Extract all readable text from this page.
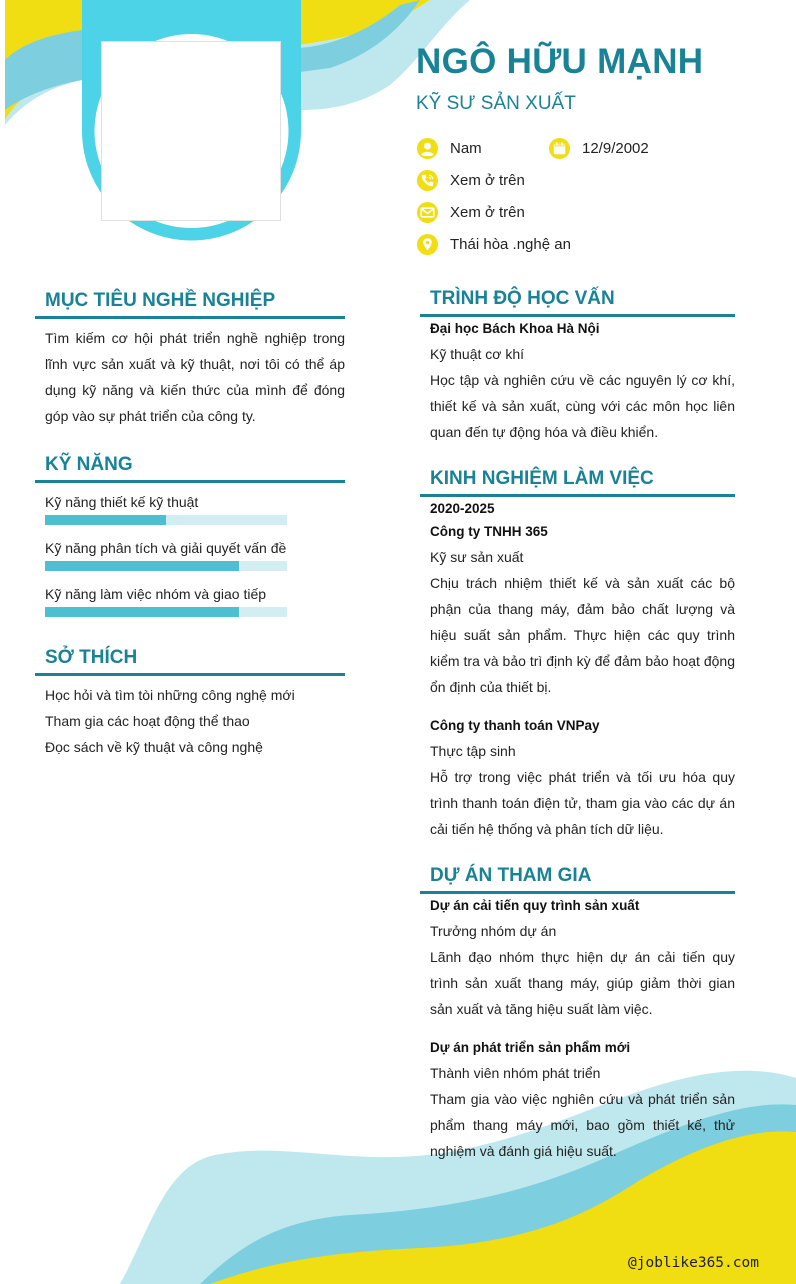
NGÔ HỮU MẠNH
KỸ SƯ SẢN XUẤT
Nam	12/9/2002
Xem ở trên
Xem ở trên
Thái hòa .nghệ an
MỤC TIÊU NGHỀ NGHIỆP
Tìm kiếm cơ hội phát triển nghề nghiệp trong lĩnh vực sản xuất và kỹ thuật, nơi tôi có thể áp dụng kỹ năng và kiến thức của mình để đóng góp vào sự phát triển của công ty.
KỸ NĂNG
Kỹ năng thiết kế kỹ thuật
Kỹ năng phân tích và giải quyết vấn đề
Kỹ năng làm việc nhóm và giao tiếp
SỞ THÍCH
Học hỏi và tìm tòi những công nghệ mới
Tham gia các hoạt động thể thao
Đọc sách về kỹ thuật và công nghệ
TRÌNH ĐỘ HỌC VẤN
Đại học Bách Khoa Hà Nội
Kỹ thuật cơ khí
Học tập và nghiên cứu về các nguyên lý cơ khí, thiết kế và sản xuất, cùng với các môn học liên quan đến tự động hóa và điều khiển.
KINH NGHIỆM LÀM VIỆC
2020-2025
Công ty TNHH 365
Kỹ sư sản xuất
Chịu trách nhiệm thiết kế và sản xuất các bộ phận của thang máy, đảm bảo chất lượng và hiệu suất sản phẩm. Thực hiện các quy trình kiểm tra và bảo trì định kỳ để đảm bảo hoạt động ổn định của thiết bị.
Công ty thanh toán VNPay
Thực tập sinh
Hỗ trợ trong việc phát triển và tối ưu hóa quy trình thanh toán điện tử, tham gia vào các dự án cải tiến hệ thống và phân tích dữ liệu.
DỰ ÁN THAM GIA
Dự án cải tiến quy trình sản xuất
Trưởng nhóm dự án
Lãnh đạo nhóm thực hiện dự án cải tiến quy trình sản xuất thang máy, giúp giảm thời gian sản xuất và tăng hiệu suất làm việc.
Dự án phát triển sản phẩm mới
Thành viên nhóm phát triển
Tham gia vào việc nghiên cứu và phát triển sản phẩm thang máy mới, bao gồm thiết kế, thử nghiệm và đánh giá hiệu suất.
@joblike365.com
